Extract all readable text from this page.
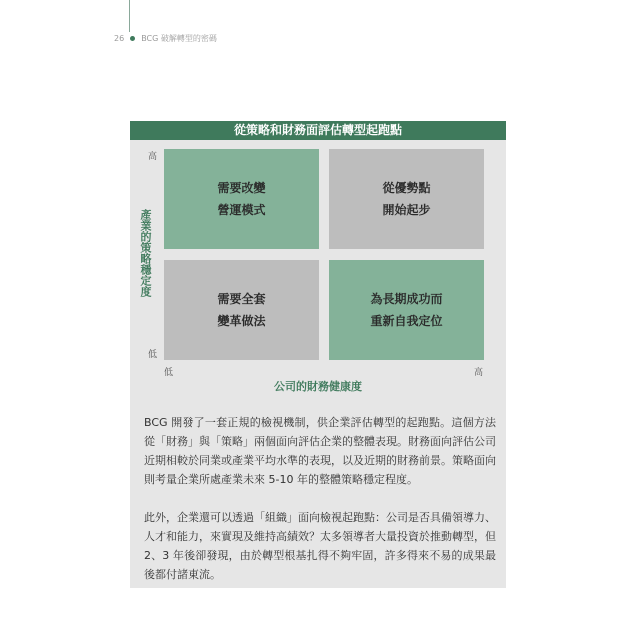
26 BCG 破解轉型的密碼
從策略和財務面評估轉型起跑點
高
低
產業的策略穩定度
需要改變
營運模式
從優勢點
開始起步
需要全套
變革做法
為長期成功而
重新自我定位
低	高
公司的財務健康度

BCG 開發了一套正規的檢視機制，供企業評估轉型的起跑點。這個方法從「財務」與「策略」兩個面向評估企業的整體表現。財務面向評估公司近期相較於同業或產業平均水準的表現，以及近期的財務前景。策略面向則考量企業所處產業未來 5-10 年的整體策略穩定程度。

此外，企業還可以透過「組織」面向檢視起跑點：公司是否具備領導力、人才和能力，來實現及維持高績效？太多領導者大量投資於推動轉型，但 2、3 年後卻發現，由於轉型根基扎得不夠牢固，許多得來不易的成果最後都付諸東流。
